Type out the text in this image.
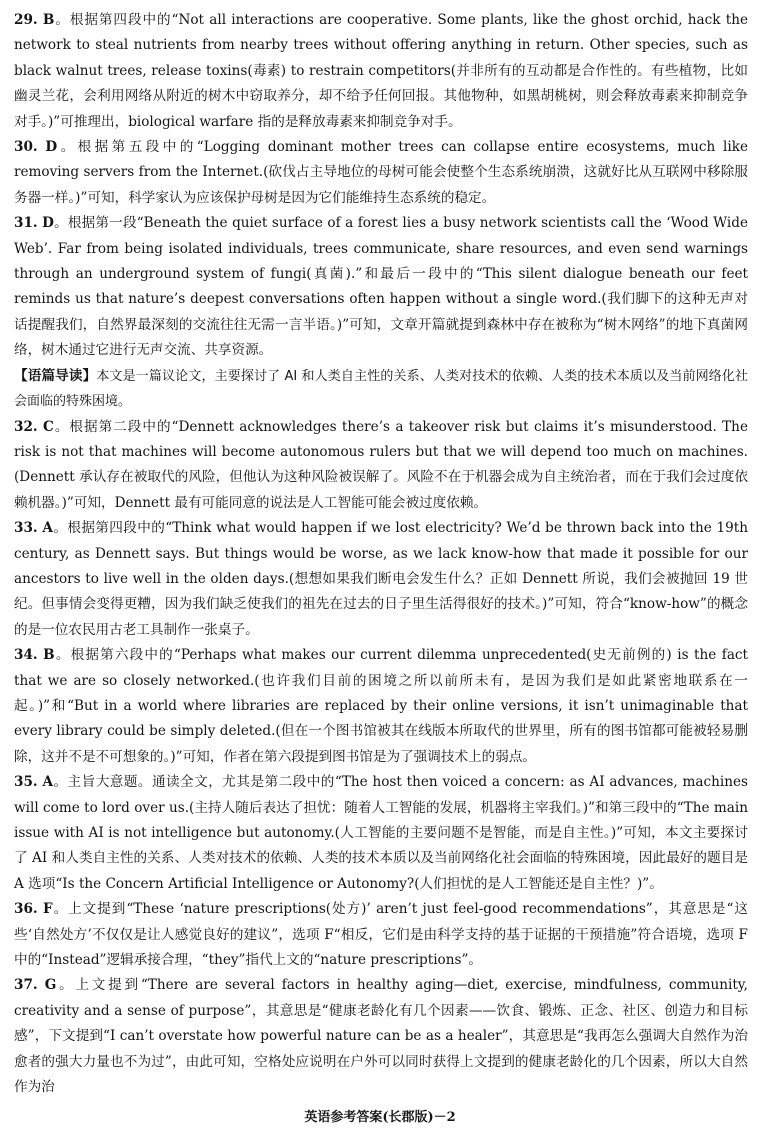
29. B。根据第四段中的“Not all interactions are cooperative. Some plants, like the ghost orchid, hack the network to steal nutrients from nearby trees without offering anything in return. Other species, such as black walnut trees, release toxins(毒素) to restrain competitors(并非所有的互动都是合作性的。有些植物，比如幽灵兰花，会利用网络从附近的树木中窃取养分，却不给予任何回报。其他物种，如黑胡桃树，则会释放毒素来抑制竞争对手。)”可推理出，biological warfare 指的是释放毒素来抑制竞争对手。

30. D。根据第五段中的“Logging dominant mother trees can collapse entire ecosystems, much like removing servers from the Internet.(砍伐占主导地位的母树可能会使整个生态系统崩溃，这就好比从互联网中移除服务器一样。)”可知，科学家认为应该保护母树是因为它们能维持生态系统的稳定。

31. D。根据第一段“Beneath the quiet surface of a forest lies a busy network scientists call the ‘Wood Wide Web’. Far from being isolated individuals, trees communicate, share resources, and even send warnings through an underground system of fungi(真菌).”和最后一段中的“This silent dialogue beneath our feet reminds us that nature’s deepest conversations often happen without a single word.(我们脚下的这种无声对话提醒我们，自然界最深刻的交流往往无需一言半语。)”可知，文章开篇就提到森林中存在被称为“树木网络”的地下真菌网络，树木通过它进行无声交流、共享资源。

【语篇导读】本文是一篇议论文，主要探讨了 AI 和人类自主性的关系、人类对技术的依赖、人类的技术本质以及当前网络化社会面临的特殊困境。

32. C。根据第二段中的“Dennett acknowledges there’s a takeover risk but claims it’s misunderstood. The risk is not that machines will become autonomous rulers but that we will depend too much on machines.(Dennett 承认存在被取代的风险，但他认为这种风险被误解了。风险不在于机器会成为自主统治者，而在于我们会过度依赖机器。)”可知，Dennett 最有可能同意的说法是人工智能可能会被过度依赖。

33. A。根据第四段中的“Think what would happen if we lost electricity? We’d be thrown back into the 19th century, as Dennett says. But things would be worse, as we lack know-how that made it possible for our ancestors to live well in the olden days.(想想如果我们断电会发生什么？正如 Dennett 所说，我们会被抛回 19 世纪。但事情会变得更糟，因为我们缺乏使我们的祖先在过去的日子里生活得很好的技术。)”可知，符合“know-how”的概念的是一位农民用古老工具制作一张桌子。

34. B。根据第六段中的“Perhaps what makes our current dilemma unprecedented(史无前例的) is the fact that we are so closely networked.(也许我们目前的困境之所以前所未有，是因为我们是如此紧密地联系在一起。)”和“But in a world where libraries are replaced by their online versions, it isn’t unimaginable that every library could be simply deleted.(但在一个图书馆被其在线版本所取代的世界里，所有的图书馆都可能被轻易删除，这并不是不可想象的。)”可知，作者在第六段提到图书馆是为了强调技术上的弱点。

35. A。主旨大意题。通读全文，尤其是第二段中的“The host then voiced a concern: as AI advances, machines will come to lord over us.(主持人随后表达了担忧：随着人工智能的发展，机器将主宰我们。)”和第三段中的“The main issue with AI is not intelligence but autonomy.(人工智能的主要问题不是智能，而是自主性。)”可知，本文主要探讨了 AI 和人类自主性的关系、人类对技术的依赖、人类的技术本质以及当前网络化社会面临的特殊困境，因此最好的题目是 A 选项“Is the Concern Artificial Intelligence or Autonomy?(人们担忧的是人工智能还是自主性？)”。

36. F。上文提到“These ‘nature prescriptions(处方)’ aren’t just feel-good recommendations”，其意思是“这些‘自然处方’不仅仅是让人感觉良好的建议”，选项 F“相反，它们是由科学支持的基于证据的干预措施”符合语境，选项 F 中的“Instead”逻辑承接合理，“they”指代上文的“nature prescriptions”。

37. G。上文提到“There are several factors in healthy aging—diet, exercise, mindfulness, community, creativity and a sense of purpose”，其意思是“健康老龄化有几个因素——饮食、锻炼、正念、社区、创造力和目标感”，下文提到“I can’t overstate how powerful nature can be as a healer”，其意思是“我再怎么强调大自然作为治愈者的强大力量也不为过”，由此可知，空格处应说明在户外可以同时获得上文提到的健康老龄化的几个因素，所以大自然作为治

英语参考答案(长郡版)－2
